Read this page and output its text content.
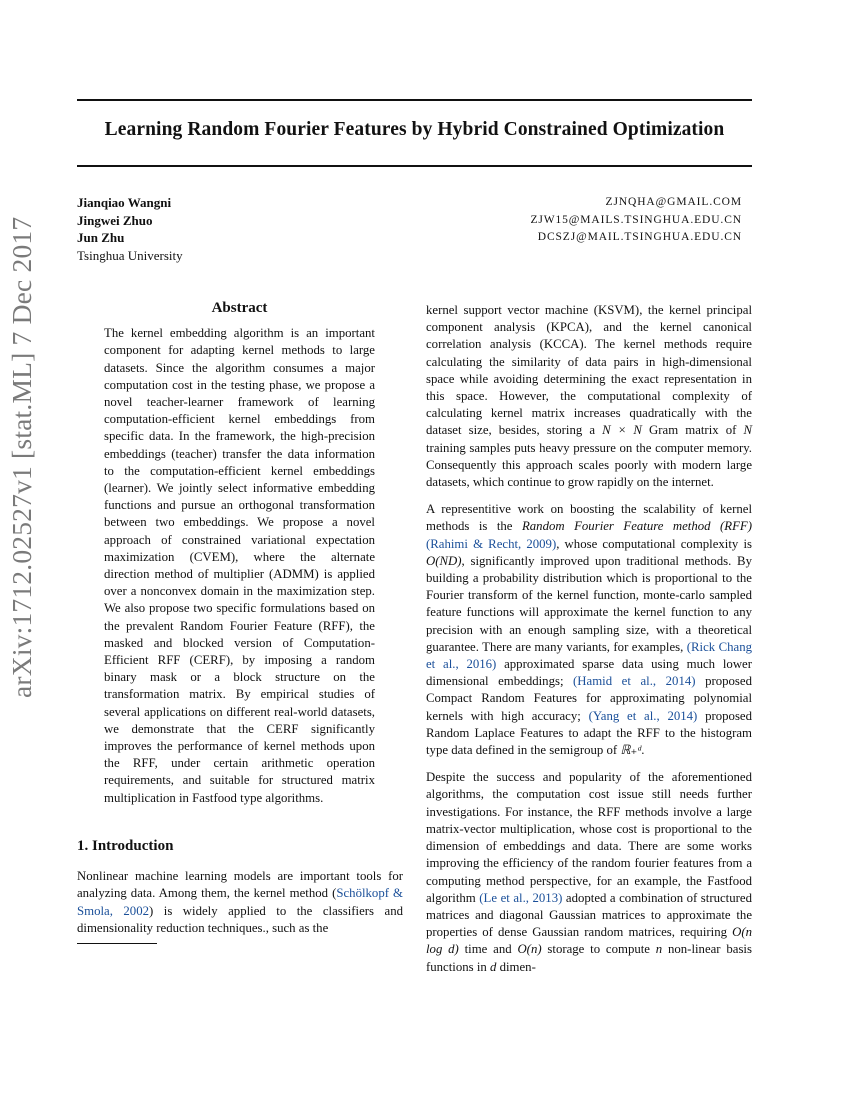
Learning Random Fourier Features by Hybrid Constrained Optimization
arXiv:1712.02527v1 [stat.ML] 7 Dec 2017
Jianqiao Wangni
Jingwei Zhuo
Jun Zhu
Tsinghua University
ZJNQHA@GMAIL.COM
ZJW15@MAILS.TSINGHUA.EDU.CN
DCSZJ@MAIL.TSINGHUA.EDU.CN
Abstract

The kernel embedding algorithm is an important component for adapting kernel methods to large datasets. Since the algorithm consumes a major computation cost in the testing phase, we propose a novel teacher-learner framework of learning computation-efficient kernel embeddings from specific data. In the framework, the high-precision embeddings (teacher) transfer the data information to the computation-efficient kernel embeddings (learner). We jointly select informative embedding functions and pursue an orthogonal transformation between two embeddings. We propose a novel approach of constrained variational expectation maximization (CVEM), where the alternate direction method of multiplier (ADMM) is applied over a nonconvex domain in the maximization step. We also propose two specific formulations based on the prevalent Random Fourier Feature (RFF), the masked and blocked version of Computation-Efficient RFF (CERF), by imposing a random binary mask or a block structure on the transformation matrix. By empirical studies of several applications on different real-world datasets, we demonstrate that the CERF significantly improves the performance of kernel methods upon the RFF, under certain arithmetic operation requirements, and suitable for structured matrix multiplication in Fastfood type algorithms.

1. Introduction

Nonlinear machine learning models are important tools for analyzing data. Among them, the kernel method (Schölkopf & Smola, 2002) is widely applied to the classifiers and dimensionality reduction techniques., such as the

kernel support vector machine (KSVM), the kernel principal component analysis (KPCA), and the kernel canonical correlation analysis (KCCA). The kernel methods require calculating the similarity of data pairs in high-dimensional space while avoiding determining the exact representation in this space. However, the computational complexity of calculating kernel matrix increases quadratically with the dataset size, besides, storing a N × N Gram matrix of N training samples puts heavy pressure on the computer memory. Consequently this approach scales poorly with modern large datasets, which continue to grow rapidly on the internet.

A representitive work on boosting the scalability of kernel methods is the Random Fourier Feature method (RFF) (Rahimi & Recht, 2009), whose computational complexity is O(ND), significantly improved upon traditional methods. By building a probability distribution which is proportional to the Fourier transform of the kernel function, monte-carlo sampled feature functions will approximate the kernel function to any precision with an enough sampling size, with a theoretical guarantee. There are many variants, for examples, (Rick Chang et al., 2016) approximated sparse data using much lower dimensional embeddings; (Hamid et al., 2014) proposed Compact Random Features for approximating polynomial kernels with high accuracy; (Yang et al., 2014) proposed Random Laplace Features to adapt the RFF to the histogram type data defined in the semigroup of ℝ₊ᵈ.

Despite the success and popularity of the aforementioned algorithms, the computation cost issue still needs further investigations. For instance, the RFF methods involve a large matrix-vector multiplication, whose cost is proportional to the dimension of embeddings and data. There are some works improving the efficiency of the random fourier features from a computing method perspective, for an example, the Fastfood algorithm (Le et al., 2013) adopted a combination of structured matrices and diagonal Gaussian matrices to approximate the properties of dense Gaussian random matrices, requiring O(n log d) time and O(n) storage to compute n non-linear basis functions in d dimen-
